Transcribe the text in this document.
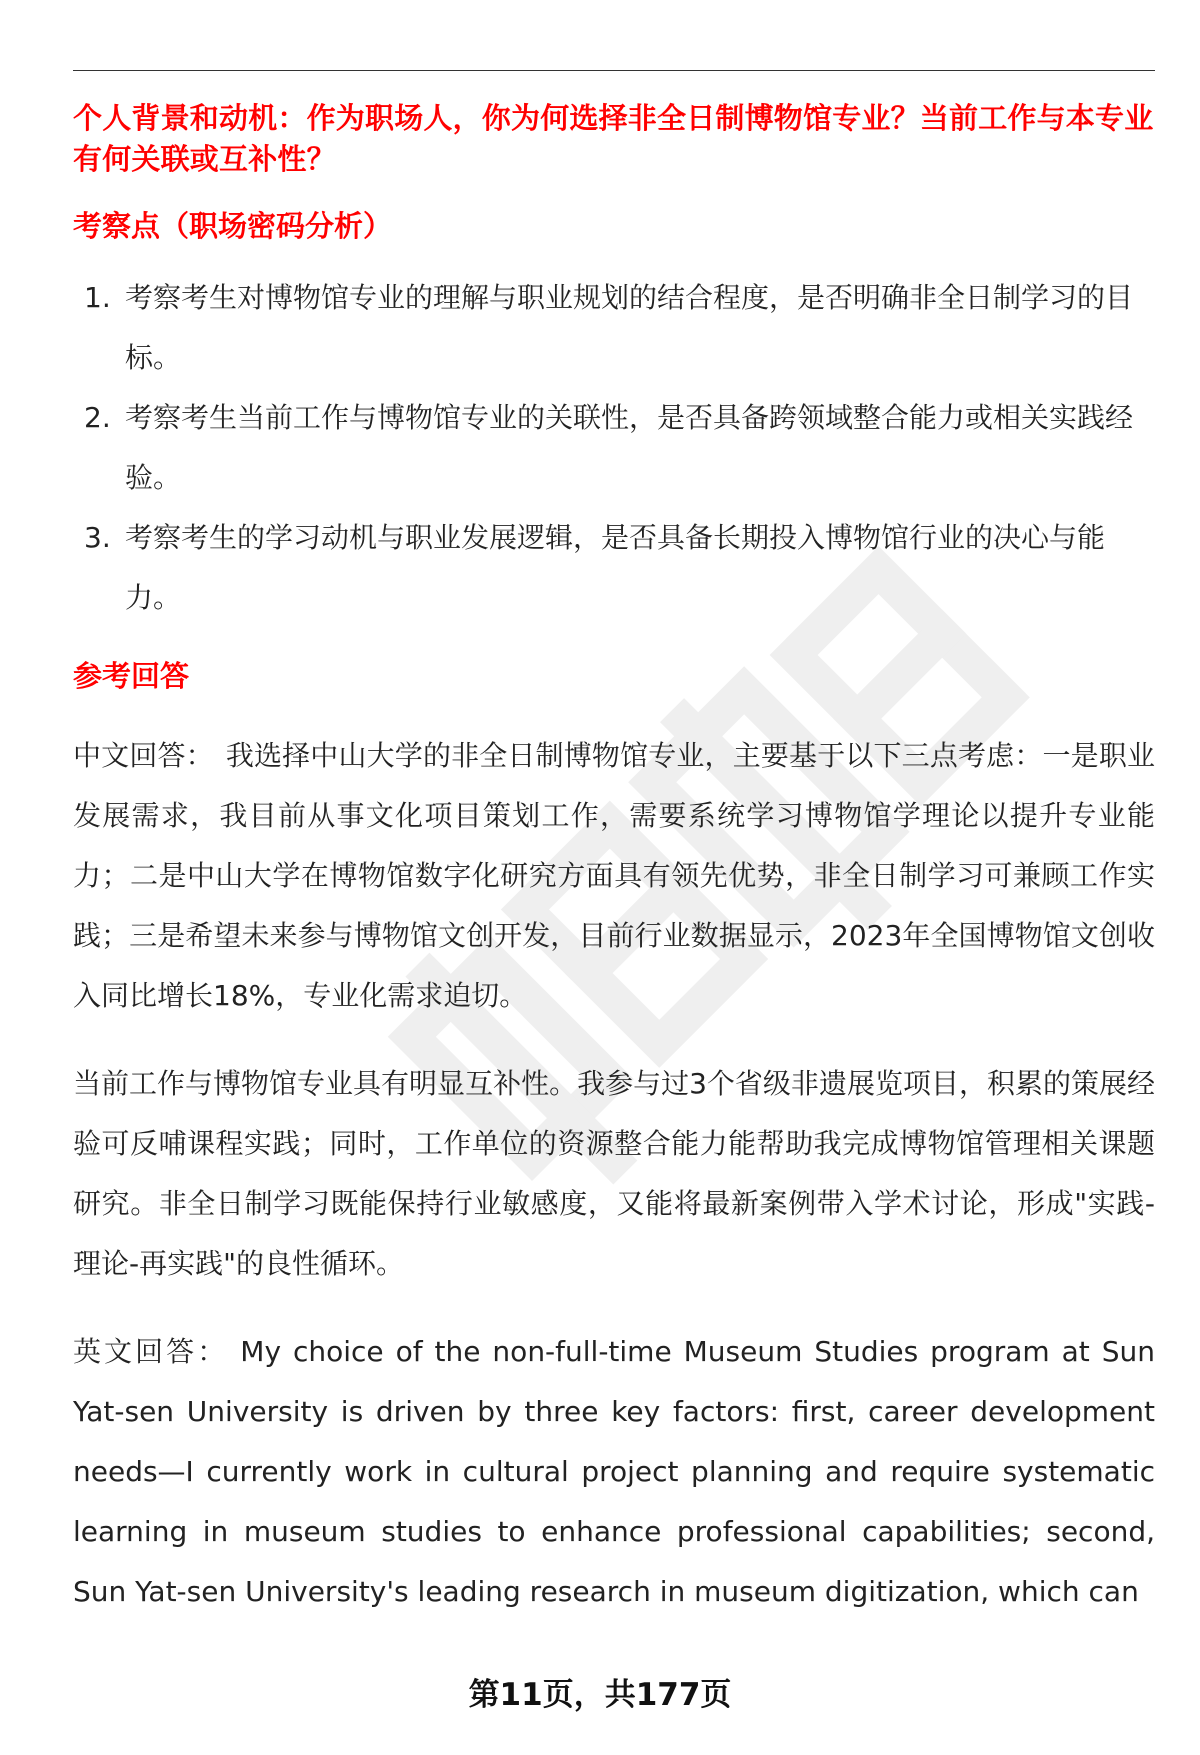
个人背景和动机：作为职场人，你为何选择非全日制博物馆专业？当前工作与本专业有何关联或互补性？

考察点（职场密码分析）
1. 考察考生对博物馆专业的理解与职业规划的结合程度，是否明确非全日制学习的目标。
2. 考察考生当前工作与博物馆专业的关联性，是否具备跨领域整合能力或相关实践经验。
3. 考察考生的学习动机与职业发展逻辑，是否具备长期投入博物馆行业的决心与能力。
参考回答

中文回答： 我选择中山大学的非全日制博物馆专业，主要基于以下三点考虑：一是职业发展需求，我目前从事文化项目策划工作，需要系统学习博物馆学理论以提升专业能力；二是中山大学在博物馆数字化研究方面具有领先优势，非全日制学习可兼顾工作实践；三是希望未来参与博物馆文创开发，目前行业数据显示，2023年全国博物馆文创收入同比增长18%，专业化需求迫切。

当前工作与博物馆专业具有明显互补性。我参与过3个省级非遗展览项目，积累的策展经验可反哺课程实践；同时，工作单位的资源整合能力能帮助我完成博物馆管理相关课题研究。非全日制学习既能保持行业敏感度，又能将最新案例带入学术讨论，形成"实践-理论-再实践"的良性循环。

英文回答： My choice of the non-full-time Museum Studies program at Sun Yat-sen University is driven by three key factors: first, career development needs—I currently work in cultural project planning and require systematic learning in museum studies to enhance professional capabilities; second, Sun Yat-sen University's leading research in museum digitization, which can

第11页，共177页
